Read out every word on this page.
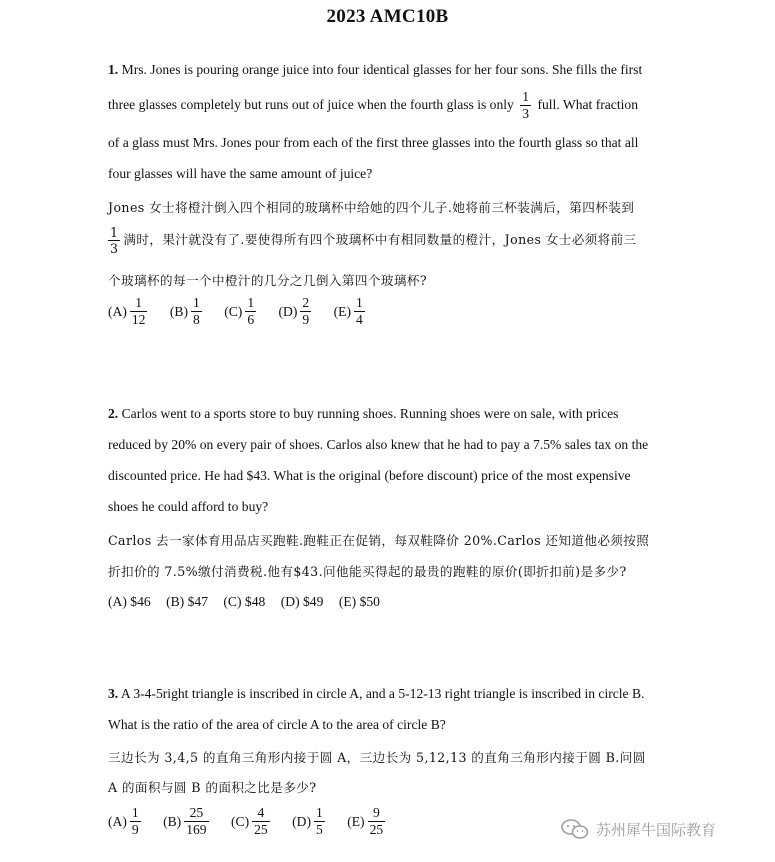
2023 AMC10B
1. Mrs. Jones is pouring orange juice into four identical glasses for her four sons. She fills the first
three glasses completely but runs out of juice when the fourth glass is only $\frac{1}{3}$ full. What fraction
of a glass must Mrs. Jones pour from each of the first three glasses into the fourth glass so that all
four glasses will have the same amount of juice?
Jones 女士将橙汁倒入四个相同的玻璃杯中给她的四个儿子.她将前三杯装满后，第四杯装到
$\frac{1}{3}$ 满时，果汁就没有了.要使得所有四个玻璃杯中有相同数量的橙汁，Jones 女士必须将前三
个玻璃杯的每一个中橙汁的几分之几倒入第四个玻璃杯?
$(A) \frac{1}{12} (B) \frac{1}{8} (C) \frac{1}{6} (D) \frac{2}{9} (E) \frac{1}{4}$
2. Carlos went to a sports store to buy running shoes. Running shoes were on sale, with prices
reduced by 20% on every pair of shoes. Carlos also knew that he had to pay a 7.5% sales tax on the
discounted price. He had $43. What is the original (before discount) price of the most expensive
shoes he could afford to buy?
Carlos 去一家体育用品店买跑鞋.跑鞋正在促销，每双鞋降价 20%.Carlos 还知道他必须按照
折扣价的 7.5%缴付消费税.他有$43.问他能买得起的最贵的跑鞋的原价(即折扣前)是多少?
(A) $46 (B) $47 (C) $48 (D) $49 (E) $50
3. A 3-4-5right triangle is inscribed in circle A, and a 5-12-13 right triangle is inscribed in circle B.
What is the ratio of the area of circle A to the area of circle B?
三边长为 3,4,5 的直角三角形内接于圆 A，三边长为 5,12,13 的直角三角形内接于圆 B.问圆
A 的面积与圆 B 的面积之比是多少?
$(A) \frac{1}{9} (B) \frac{25}{169} (C) \frac{4}{25} (D) \frac{1}{5} (E) \frac{9}{25}$	苏州犀牛国际教育
